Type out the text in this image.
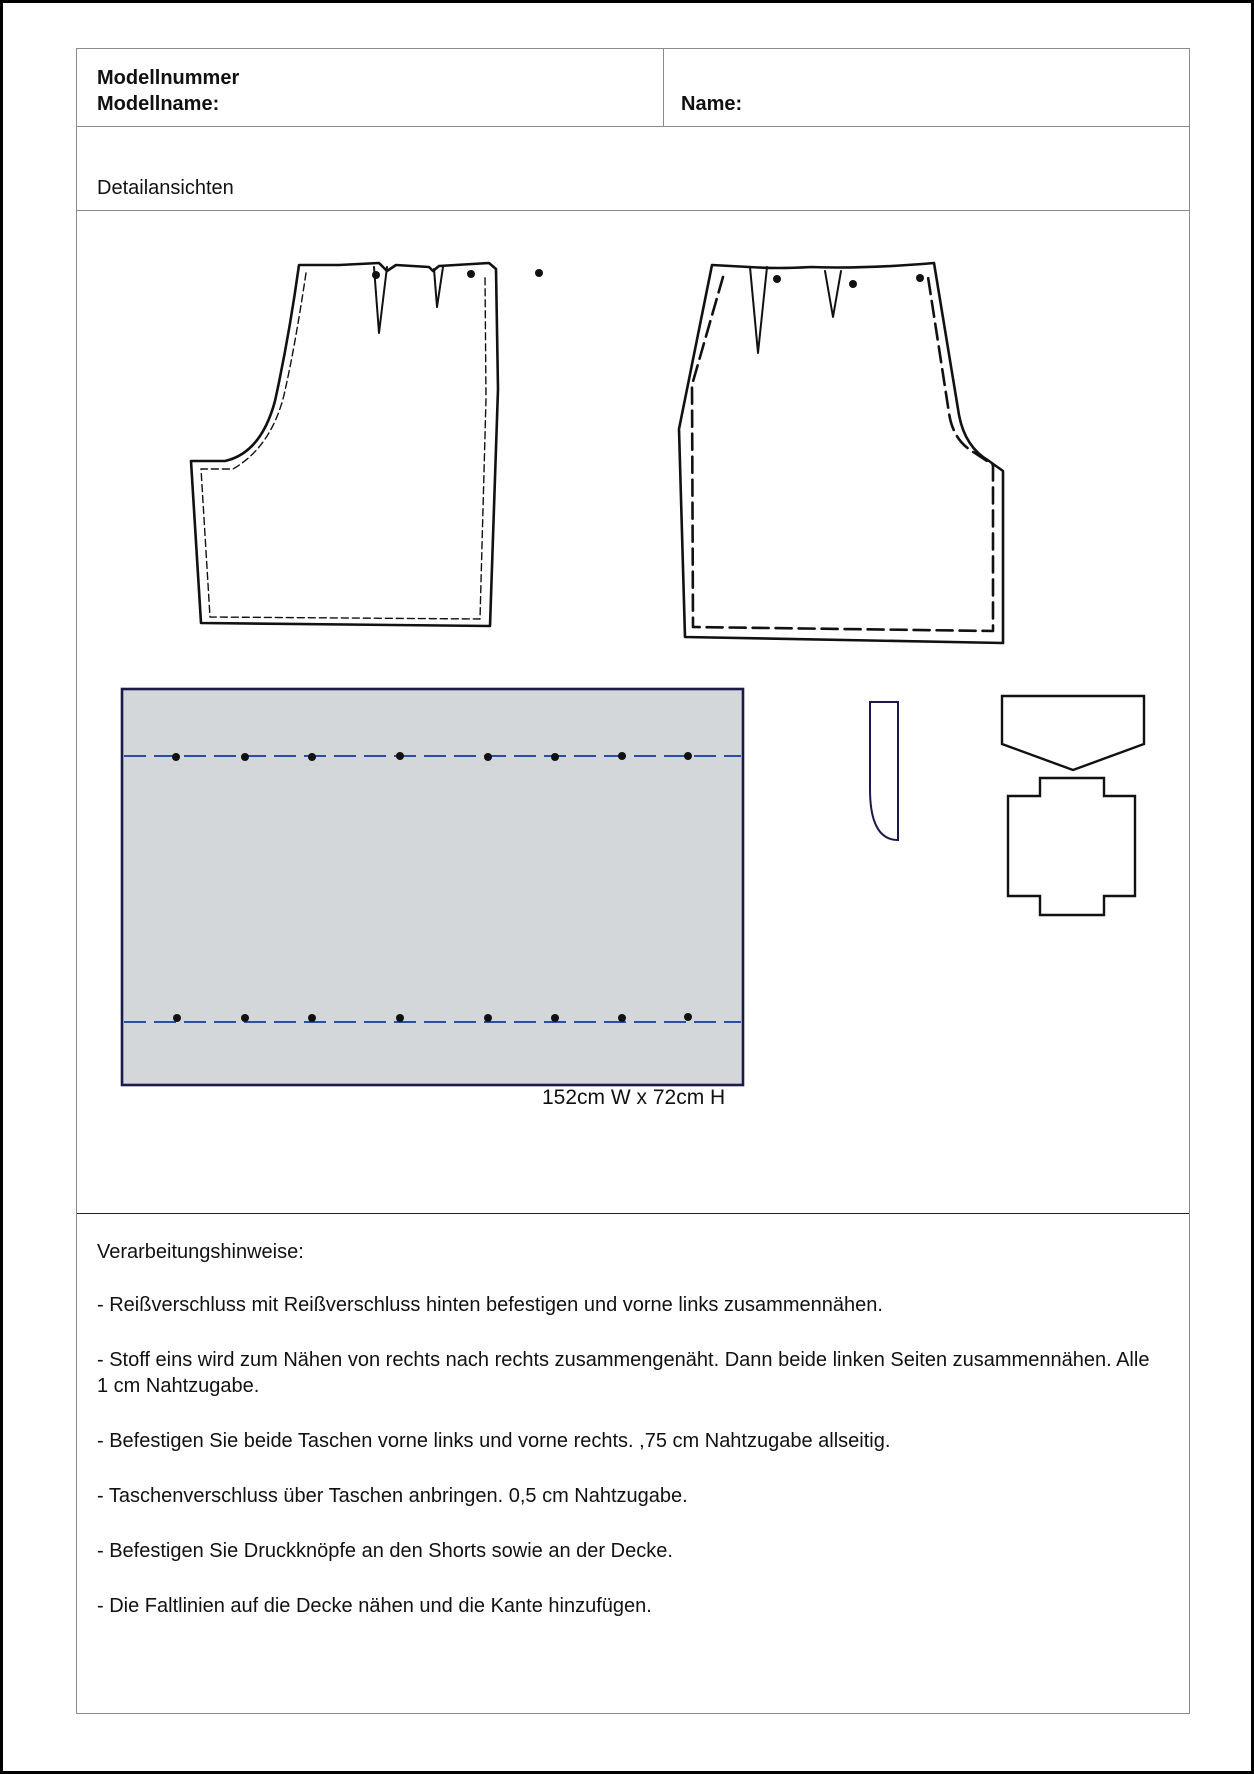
Modellnummer
Modellname:	Name:
Detailansichten
152cm W x 72cm H
Verarbeitungshinweise:

- Reißverschluss mit Reißverschluss hinten befestigen und vorne links zusammennähen.

- Stoff eins wird zum Nähen von rechts nach rechts zusammengenäht. Dann beide linken Seiten zusammennähen. Alle 1 cm Nahtzugabe.

- Befestigen Sie beide Taschen vorne links und vorne rechts. ,75 cm Nahtzugabe allseitig.

- Taschenverschluss über Taschen anbringen. 0,5 cm Nahtzugabe.

- Befestigen Sie Druckknöpfe an den Shorts sowie an der Decke.

- Die Faltlinien auf die Decke nähen und die Kante hinzufügen.
